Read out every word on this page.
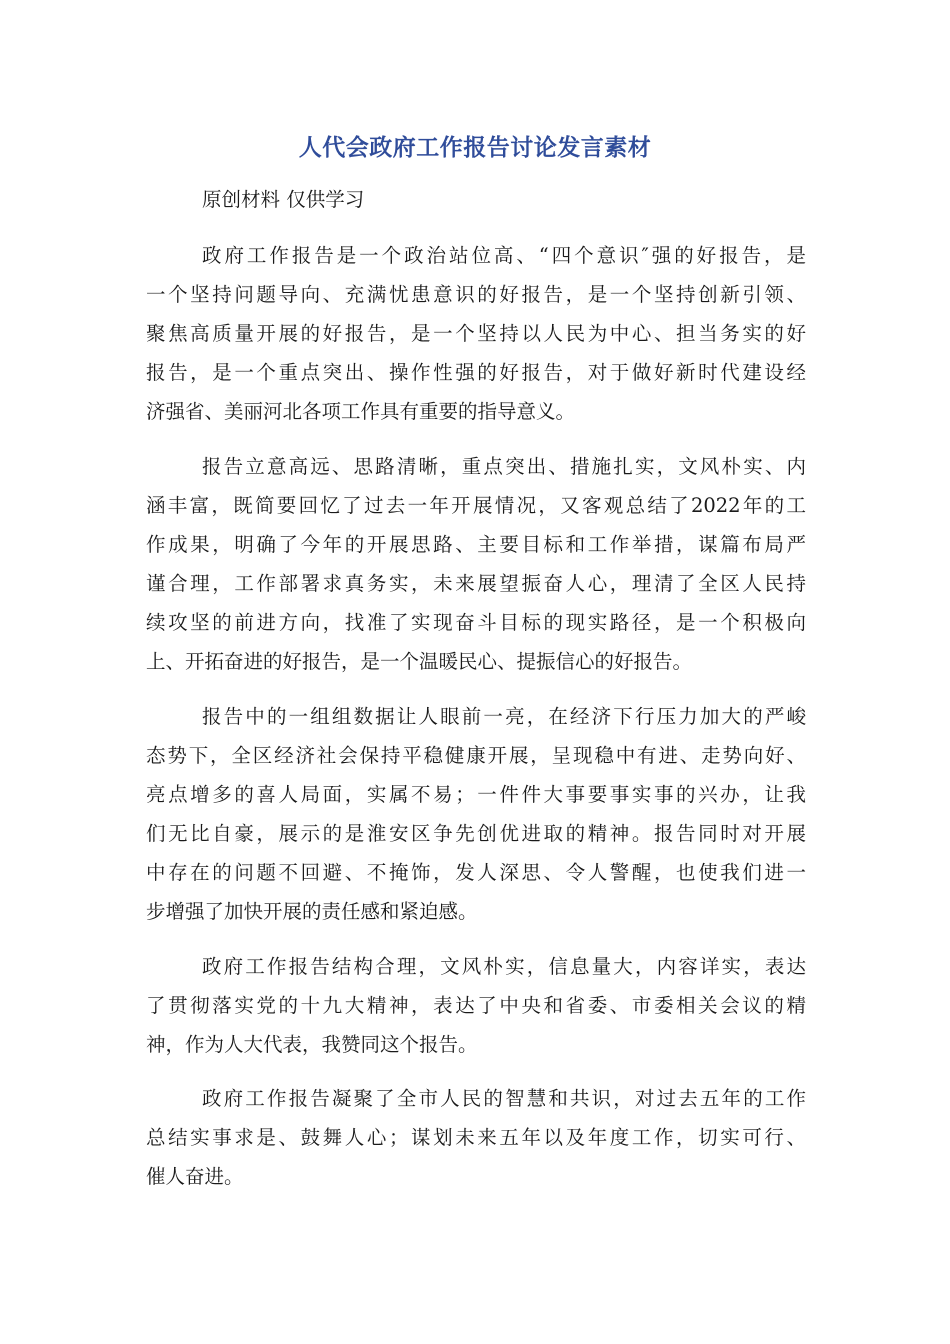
人代会政府工作报告讨论发言素材
原创材料 仅供学习
政府工作报告是一个政治站位高、“四个意识″强的好报告，是
一个坚持问题导向、充满忧患意识的好报告，是一个坚持创新引领、
聚焦高质量开展的好报告，是一个坚持以人民为中心、担当务实的好
报告，是一个重点突出、操作性强的好报告，对于做好新时代建设经
济强省、美丽河北各项工作具有重要的指导意义。
报告立意高远、思路清晰，重点突出、措施扎实，文风朴实、内
涵丰富，既简要回忆了过去一年开展情况，又客观总结了2022年的工
作成果，明确了今年的开展思路、主要目标和工作举措，谋篇布局严
谨合理，工作部署求真务实，未来展望振奋人心，理清了全区人民持
续攻坚的前进方向，找准了实现奋斗目标的现实路径，是一个积极向
上、开拓奋进的好报告，是一个温暖民心、提振信心的好报告。
报告中的一组组数据让人眼前一亮，在经济下行压力加大的严峻
态势下，全区经济社会保持平稳健康开展，呈现稳中有进、走势向好、
亮点增多的喜人局面，实属不易；一件件大事要事实事的兴办，让我
们无比自豪，展示的是淮安区争先创优进取的精神。报告同时对开展
中存在的问题不回避、不掩饰，发人深思、令人警醒，也使我们进一
步增强了加快开展的责任感和紧迫感。
政府工作报告结构合理，文风朴实，信息量大，内容详实，表达
了贯彻落实党的十九大精神，表达了中央和省委、市委相关会议的精
神，作为人大代表，我赞同这个报告。
政府工作报告凝聚了全市人民的智慧和共识，对过去五年的工作
总结实事求是、鼓舞人心；谋划未来五年以及年度工作，切实可行、
催人奋进。
